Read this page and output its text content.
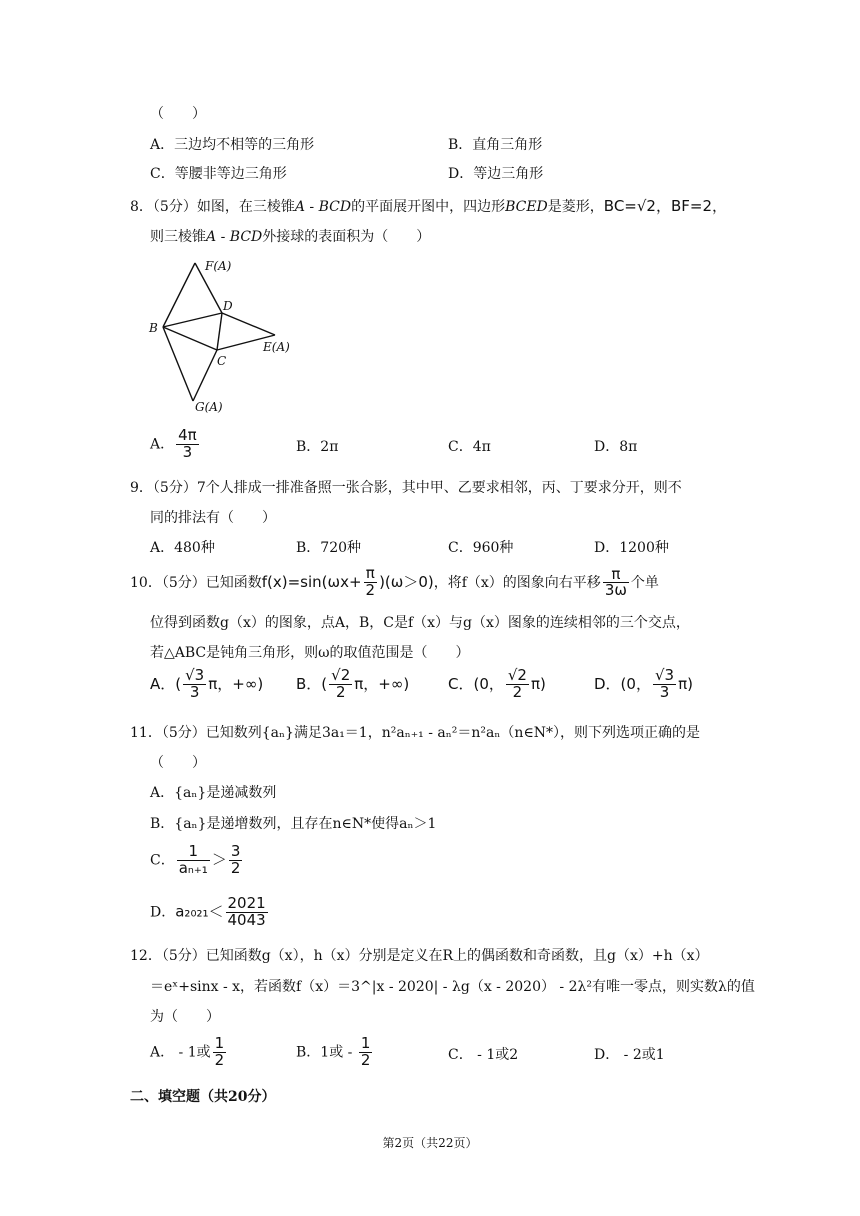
（　　）
A．三边均不相等的三角形	B．直角三角形
C．等腰非等边三角形	D．等边三角形
8．（5分）如图，在三棱锥A - BCD的平面展开图中，四边形BCED是菱形，BC=√2，BF=2，
则三棱锥A - BCD外接球的表面积为（　　）
F(A)
D
B
E(A)
C
G(A)
A． $\frac{4\pi}{3}$	B．2π	C．4π	D．8π
9．（5分）7个人排成一排准备照一张合影，其中甲、乙要求相邻，丙、丁要求分开，则不
同的排法有（　　）
A．480种	B．720种	C．960种	D．1200种
10．（5分）已知函数$f(x)=\sin(\omega x+ \frac{\pi}{2} )(\omega>0)$，将f（x）的图象向右平移 $\frac{\pi}{3\omega}$ 个单
位得到函数g（x）的图象，点A，B，C是f（x）与g（x）图象的连续相邻的三个交点，
若△ABC是钝角三角形，则ω的取值范围是（　　）
A．( $\frac{√3}{3}$ π，+∞) B．( $\frac{√2}{2}$ π，+∞)	C．(0， $\frac{√2}{2} \pi$)	D．(0， $\frac{√3}{3} \pi$)
11．（5分）已知数列{aₙ}满足3a₁＝1，n²aₙ₊₁ - aₙ²＝n²aₙ（n∈N*），则下列选项正确的是
（　　）
A．{aₙ}是递减数列
B．{aₙ}是递增数列，且存在n∈N*使得aₙ＞1
C． $\frac{1}{\text{aₙ₊₁}} > \frac{3}{2}$
D．$a_{2021}< \frac{2021}{4043}$
12．（5分）已知函数g（x），h（x）分别是定义在R上的偶函数和奇函数，且g（x）+h（x）
＝eˣ+sinx - x，若函数f（x）＝3^|x - 2020| - λg（x - 2020） - 2λ²有唯一零点，则实数λ的值
为（　　）
A． - 1或 $\frac{1}{2}$	B．1或 - $\frac{1}{2}$	C． - 1或2	D． - 2或1
二、填空题（共20分）
第2页（共22页）
